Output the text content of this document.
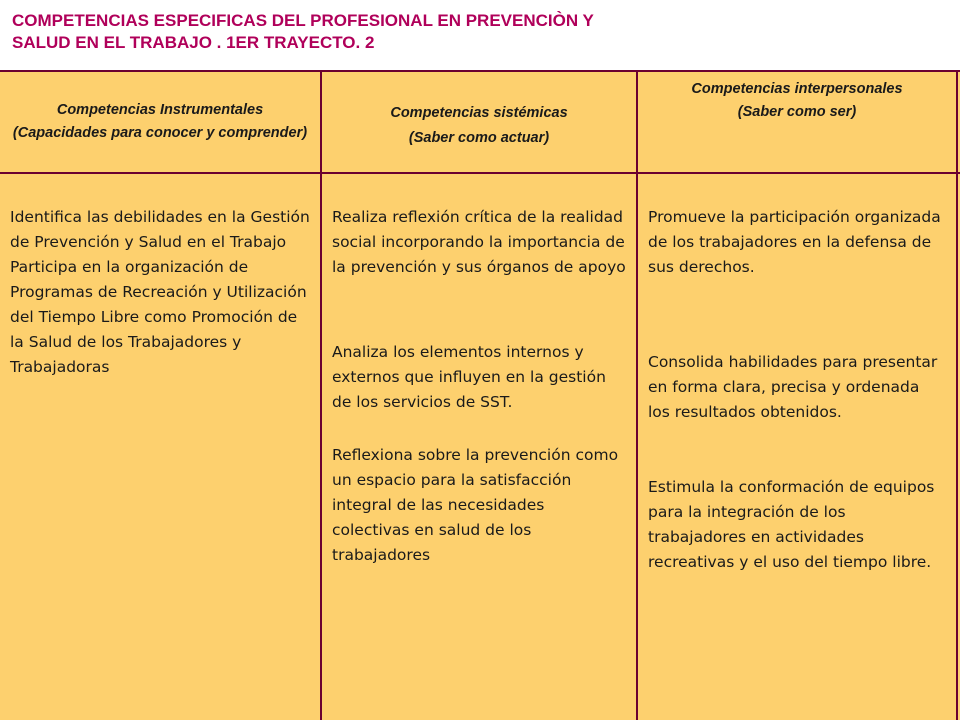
COMPETENCIAS ESPECIFICAS DEL PROFESIONAL EN PREVENCIÒN Y
SALUD EN EL TRABAJO . 1ER TRAYECTO. 2
Competencias Instrumentales
(Capacidades para conocer y comprender)
Competencias sistémicas
(Saber como actuar)
Competencias interpersonales
(Saber como ser)

Identifica las debilidades en la Gestión de Prevención y Salud en el Trabajo

Participa en la organización de Programas de Recreación y Utilización del Tiempo Libre como Promoción de la Salud de los Trabajadores y Trabajadoras

Realiza reflexión crítica de la realidad social incorporando la importancia de la prevención y sus órganos de apoyo

Analiza los elementos internos y externos que influyen en la gestión de los servicios de SST.

Reflexiona sobre la prevención como un espacio para la satisfacción integral de las necesidades colectivas en salud de los trabajadores

Promueve la participación organizada de los trabajadores en la defensa de sus derechos.

Consolida habilidades para presentar en forma clara, precisa y ordenada los resultados obtenidos.

Estimula la conformación de equipos para la integración de los trabajadores en actividades recreativas y el uso del tiempo libre.
